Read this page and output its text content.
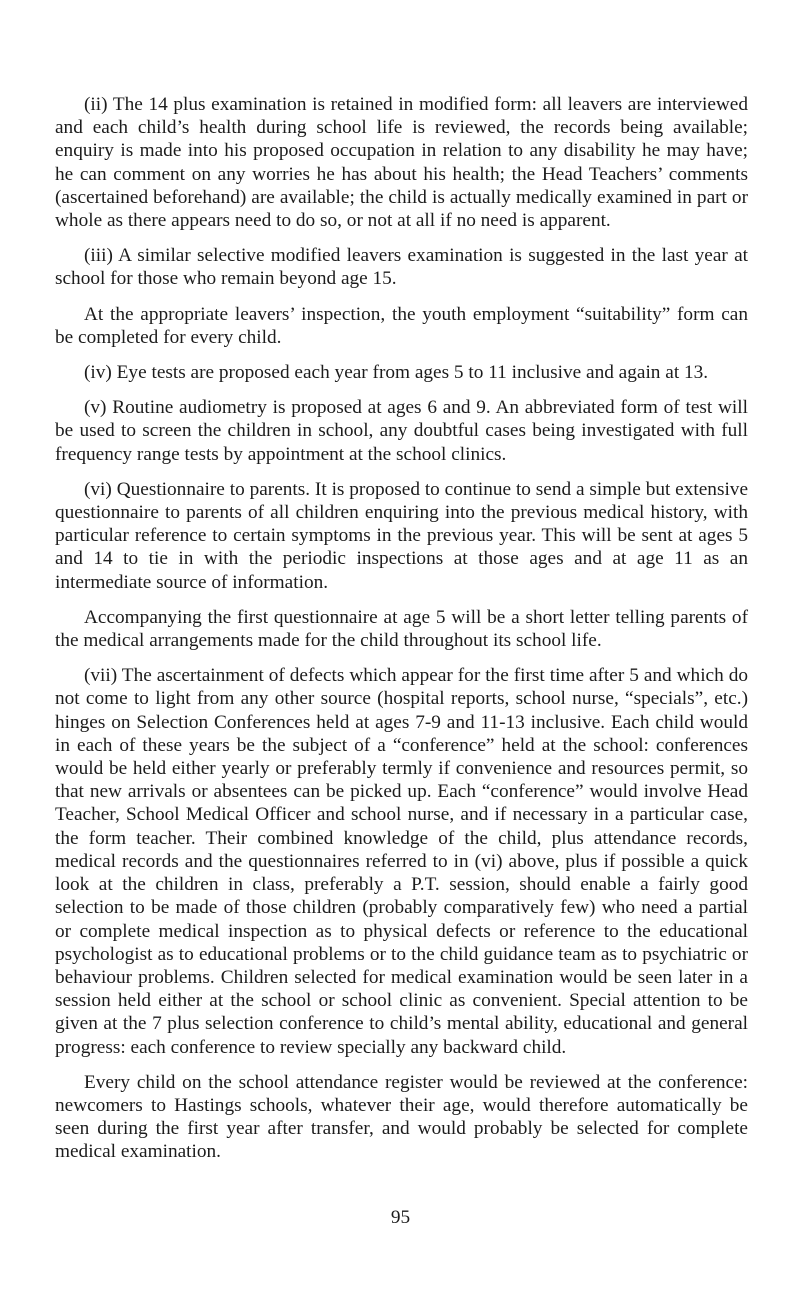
(ii) The 14 plus examination is retained in modified form: all leavers are interviewed and each child’s health during school life is reviewed, the records being available; enquiry is made into his proposed occupation in relation to any disability he may have; he can comment on any worries he has about his health; the Head Teachers’ comments (ascertained beforehand) are available; the child is actually medically examined in part or whole as there appears need to do so, or not at all if no need is apparent.

(iii) A similar selective modified leavers examination is suggested in the last year at school for those who remain beyond age 15.

At the appropriate leavers’ inspection, the youth employment “suitability” form can be completed for every child.

(iv) Eye tests are proposed each year from ages 5 to 11 inclusive and again at 13.

(v) Routine audiometry is proposed at ages 6 and 9. An abbreviated form of test will be used to screen the children in school, any doubtful cases being investigated with full frequency range tests by appointment at the school clinics.

(vi) Questionnaire to parents. It is proposed to continue to send a simple but extensive questionnaire to parents of all children enquiring into the previous medical history, with particular reference to certain symptoms in the previous year. This will be sent at ages 5 and 14 to tie in with the periodic inspections at those ages and at age 11 as an intermediate source of information.

Accompanying the first questionnaire at age 5 will be a short letter telling parents of the medical arrangements made for the child throughout its school life.

(vii) The ascertainment of defects which appear for the first time after 5 and which do not come to light from any other source (hospital reports, school nurse, “specials”, etc.) hinges on Selection Conferences held at ages 7-9 and 11-13 inclusive. Each child would in each of these years be the subject of a “conference” held at the school: conferences would be held either yearly or preferably termly if convenience and resources permit, so that new arrivals or absentees can be picked up. Each “conference” would involve Head Teacher, School Medical Officer and school nurse, and if necessary in a particular case, the form teacher. Their combined knowledge of the child, plus attendance records, medical records and the questionnaires referred to in (vi) above, plus if possible a quick look at the children in class, preferably a P.T. session, should enable a fairly good selection to be made of those children (probably comparatively few) who need a partial or complete medical inspection as to physical defects or reference to the educational psychologist as to educational problems or to the child guidance team as to psychiatric or behaviour problems. Children selected for medical examination would be seen later in a session held either at the school or school clinic as convenient. Special attention to be given at the 7 plus selection conference to child’s mental ability, educational and general progress: each conference to review specially any backward child.

Every child on the school attendance register would be reviewed at the conference: newcomers to Hastings schools, whatever their age, would therefore automatically be seen during the first year after transfer, and would probably be selected for complete medical examination.

95
